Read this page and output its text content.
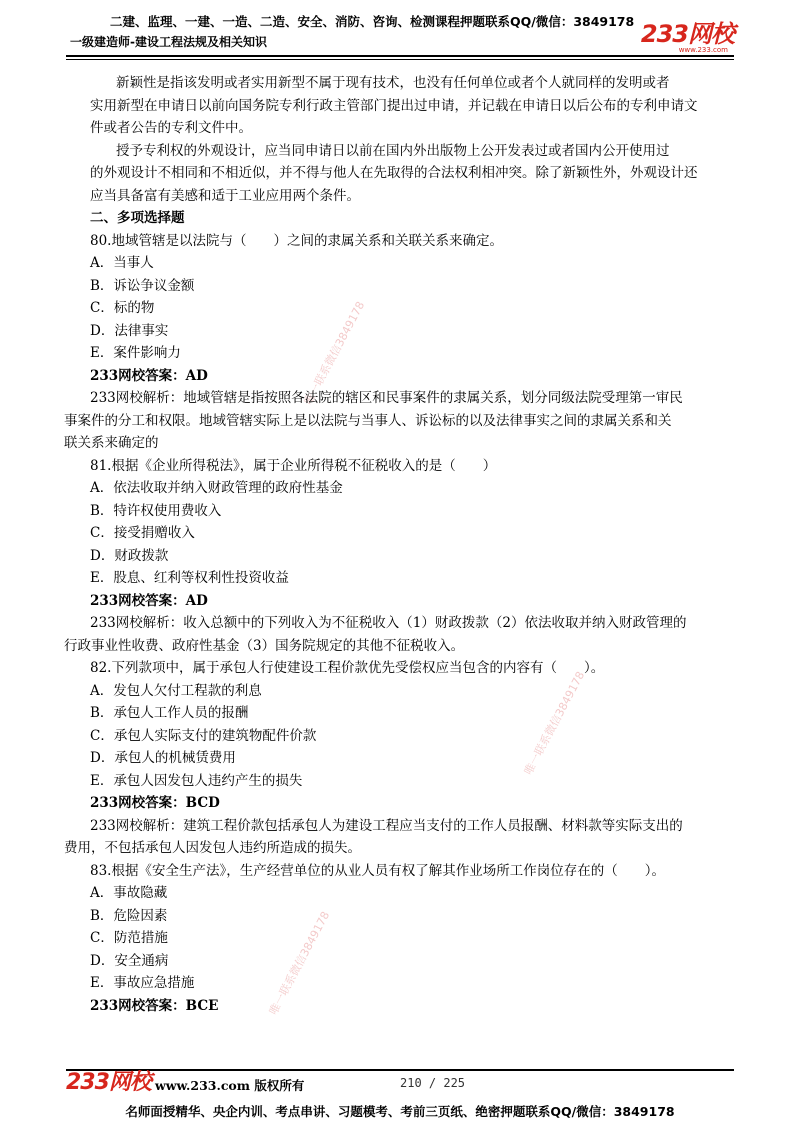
二建、监理、一建、一造、二造、安全、消防、咨询、检测课程押题联系QQ/微信：3849178
一级建造师-建设工程法规及相关知识	233网校
www.233.com
唯一联系微信3849178
唯一联系微信3849178
唯一联系微信3849178
新颖性是指该发明或者实用新型不属于现有技术，也没有任何单位或者个人就同样的发明或者
实用新型在申请日以前向国务院专利行政主管部门提出过申请，并记载在申请日以后公布的专利申请文
件或者公告的专利文件中。
授予专利权的外观设计，应当同申请日以前在国内外出版物上公开发表过或者国内公开使用过
的外观设计不相同和不相近似，并不得与他人在先取得的合法权利相冲突。除了新颖性外，外观设计还
应当具备富有美感和适于工业应用两个条件。
二、多项选择题
80.地域管辖是以法院与（　　）之间的隶属关系和关联关系来确定。
A．当事人
B．诉讼争议金额
C．标的物
D．法律事实
E．案件影响力
233网校答案：AD
233网校解析：地域管辖是指按照各法院的辖区和民事案件的隶属关系，划分同级法院受理第一审民
事案件的分工和权限。地域管辖实际上是以法院与当事人、诉讼标的以及法律事实之间的隶属关系和关
联关系来确定的
81.根据《企业所得税法》，属于企业所得税不征税收入的是（　　）
A．依法收取并纳入财政管理的政府性基金
B．特许权使用费收入
C．接受捐赠收入
D．财政拨款
E．股息、红利等权利性投资收益
233网校答案：AD
233网校解析：收入总额中的下列收入为不征税收入（1）财政拨款（2）依法收取并纳入财政管理的
行政事业性收费、政府性基金（3）国务院规定的其他不征税收入。
82.下列款项中，属于承包人行使建设工程价款优先受偿权应当包含的内容有（　　）。
A．发包人欠付工程款的利息
B．承包人工作人员的报酬
C．承包人实际支付的建筑物配件价款
D．承包人的机械赁费用
E．承包人因发包人违约产生的损失
233网校答案：BCD
233网校解析：建筑工程价款包括承包人为建设工程应当支付的工作人员报酬、材料款等实际支出的
费用，不包括承包人因发包人违约所造成的损失。
83.根据《安全生产法》，生产经营单位的从业人员有权了解其作业场所工作岗位存在的（　　）。
A．事故隐藏
B．危险因素
C．防范措施
D．安全通病
E．事故应急措施
233网校答案：BCE
233网校 www.233.com 版权所有	210 / 225
名师面授精华、央企内训、考点串讲、习题模考、考前三页纸、绝密押题联系QQ/微信：3849178
